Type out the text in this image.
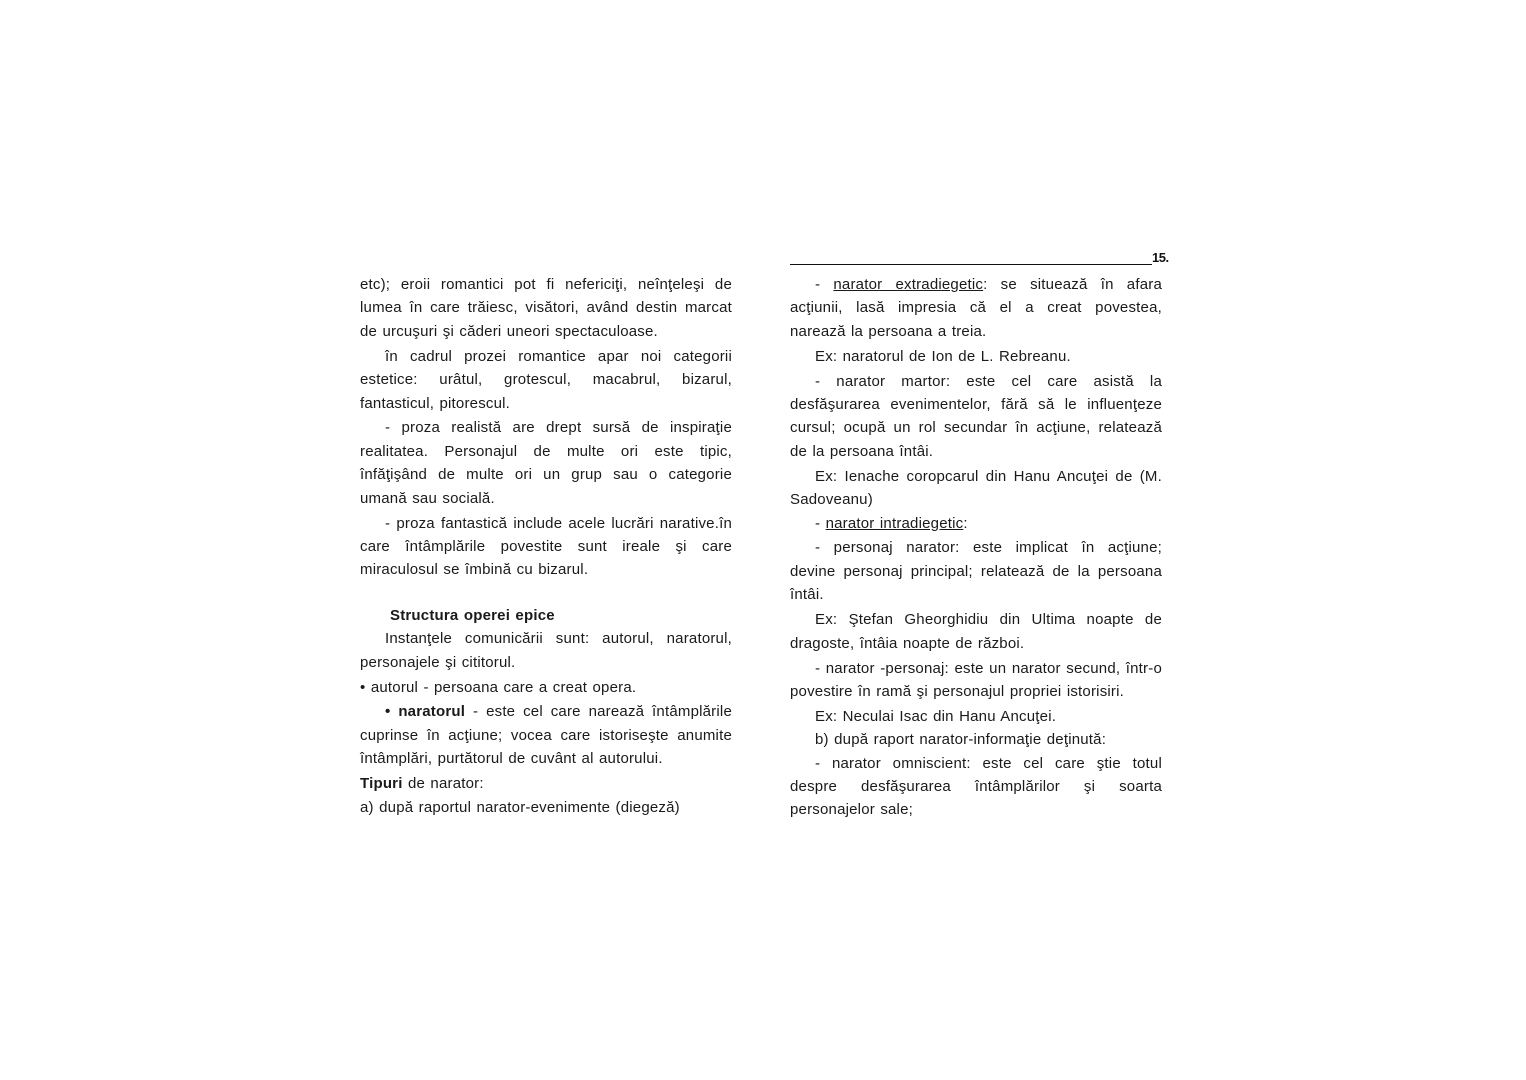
15.

etc); eroii romantici pot fi nefericiţi, neînţeleşi de lumea în care trăiesc, visători, având destin marcat de urcuşuri şi căderi uneori spectaculoase.

în cadrul prozei romantice apar noi categorii estetice: urâtul, grotescul, macabrul, bizarul, fantasticul, pitorescul.

- proza realistă are drept sursă de inspiraţie realitatea. Personajul de multe ori este tipic, înfăţişând de multe ori un grup sau o categorie umană sau socială.

- proza fantastică include acele lucrări narative.în care întâmplările povestite sunt ireale şi care miraculosul se îmbină cu bizarul.

Structura operei epice

Instanţele comunicării sunt: autorul, naratorul, personajele şi cititorul.

• autorul - persoana care a creat opera.

• naratorul - este cel care narează întâmplările cuprinse în acţiune; vocea care istoriseşte anumite întâmplări, purtătorul de cuvânt al autorului.

Tipuri de narator:

a) după raportul narator-evenimente (diegeză)

- narator extradiegetic: se situează în afara acţiunii, lasă impresia că el a creat povestea, narează la persoana a treia.

Ex: naratorul de Ion de L. Rebreanu.

- narator martor: este cel care asistă la desfăşurarea evenimentelor, fără să le influenţeze cursul; ocupă un rol secundar în acţiune, relatează de la persoana întâi.

Ex: Ienache coropcarul din Hanu Ancuţei de (M. Sadoveanu)

- narator intradiegetic:

- personaj narator: este implicat în acţiune; devine personaj principal; relatează de la persoana întâi.

Ex: Ştefan Gheorghidiu din Ultima noapte de dragoste, întâia noapte de război.

- narator -personaj: este un narator secund, într-o povestire în ramă şi personajul propriei istorisiri.

Ex: Neculai Isac din Hanu Ancuţei.

b) după raport narator-informaţie deţinută:

- narator omniscient: este cel care ştie totul despre desfăşurarea întâmplărilor şi soarta personajelor sale;
